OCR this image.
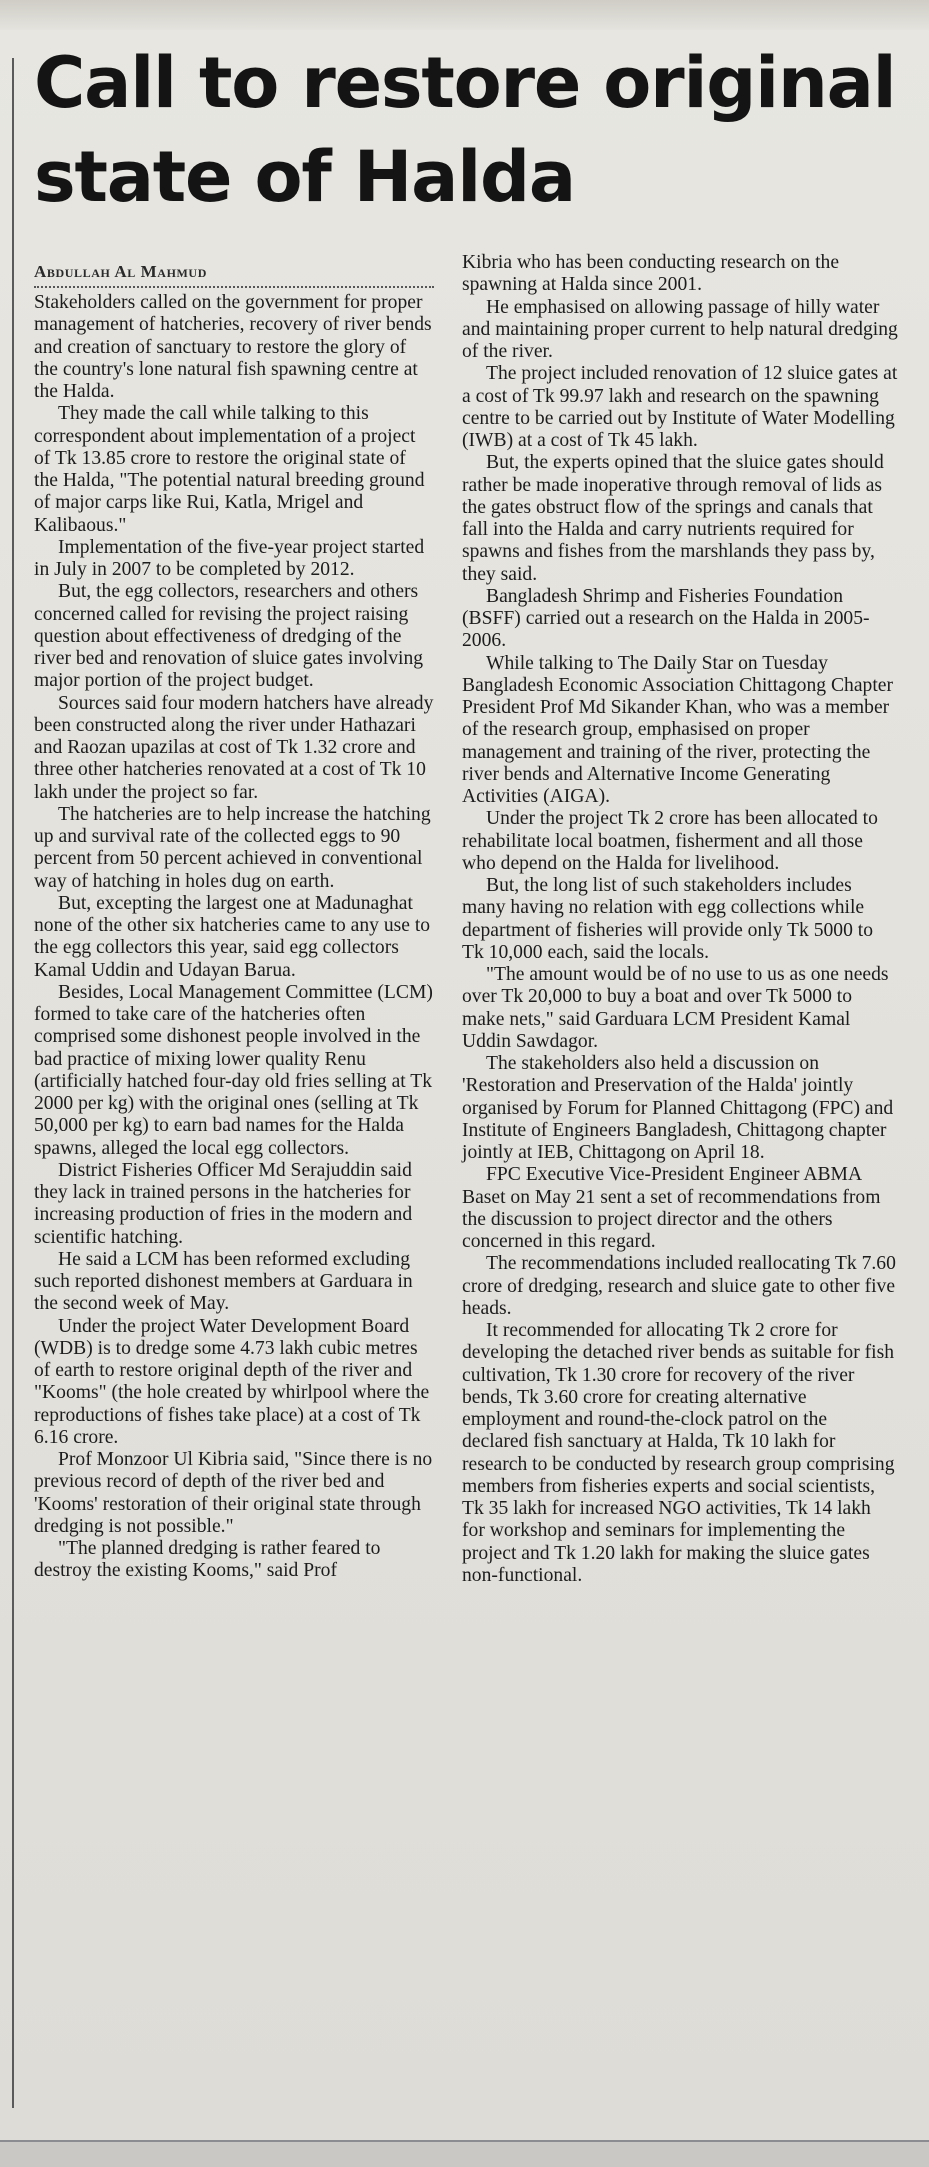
Call to restore original
state of Halda
Abdullah Al Mahmud

Stakeholders called on the government for proper management of hatcheries, recovery of river bends and creation of sanctuary to restore the glory of the country's lone natural fish spawning centre at the Halda.

They made the call while talking to this correspondent about implementation of a project of Tk 13.85 crore to restore the original state of the Halda, "The potential natural breeding ground of major carps like Rui, Katla, Mrigel and Kalibaous."

Implementation of the five-year project started in July in 2007 to be completed by 2012.

But, the egg collectors, researchers and others concerned called for revising the project raising question about effectiveness of dredging of the river bed and renovation of sluice gates involving major portion of the project budget.

Sources said four modern hatchers have already been constructed along the river under Hathazari and Raozan upazilas at cost of Tk 1.32 crore and three other hatcheries renovated at a cost of Tk 10 lakh under the project so far.

The hatcheries are to help increase the hatching up and survival rate of the collected eggs to 90 percent from 50 percent achieved in conventional way of hatching in holes dug on earth.

But, excepting the largest one at Madunaghat none of the other six hatcheries came to any use to the egg collectors this year, said egg collectors Kamal Uddin and Udayan Barua.

Besides, Local Management Committee (LCM) formed to take care of the hatcheries often comprised some dishonest people involved in the bad practice of mixing lower quality Renu (artificially hatched four-day old fries selling at Tk 2000 per kg) with the original ones (selling at Tk 50,000 per kg) to earn bad names for the Halda spawns, alleged the local egg collectors.

District Fisheries Officer Md Serajuddin said they lack in trained persons in the hatcheries for increasing production of fries in the modern and scientific hatching.

He said a LCM has been reformed excluding such reported dishonest members at Garduara in the second week of May.

Under the project Water Development Board (WDB) is to dredge some 4.73 lakh cubic metres of earth to restore original depth of the river and "Kooms" (the hole created by whirlpool where the reproductions of fishes take place) at a cost of Tk 6.16 crore.

Prof Monzoor Ul Kibria said, "Since there is no previous record of depth of the river bed and 'Kooms' restoration of their original state through dredging is not possible."

"The planned dredging is rather feared to destroy the existing Kooms," said Prof

Kibria who has been conducting research on the spawning at Halda since 2001.

He emphasised on allowing passage of hilly water and maintaining proper current to help natural dredging of the river.

The project included renovation of 12 sluice gates at a cost of Tk 99.97 lakh and research on the spawning centre to be carried out by Institute of Water Modelling (IWB) at a cost of Tk 45 lakh.

But, the experts opined that the sluice gates should rather be made inoperative through removal of lids as the gates obstruct flow of the springs and canals that fall into the Halda and carry nutrients required for spawns and fishes from the marshlands they pass by, they said.

Bangladesh Shrimp and Fisheries Foundation (BSFF) carried out a research on the Halda in 2005-2006.

While talking to The Daily Star on Tuesday Bangladesh Economic Association Chittagong Chapter President Prof Md Sikander Khan, who was a member of the research group, emphasised on proper management and training of the river, protecting the river bends and Alternative Income Generating Activities (AIGA).

Under the project Tk 2 crore has been allocated to rehabilitate local boatmen, fisherment and all those who depend on the Halda for livelihood.

But, the long list of such stakeholders includes many having no relation with egg collections while department of fisheries will provide only Tk 5000 to Tk 10,000 each, said the locals.

"The amount would be of no use to us as one needs over Tk 20,000 to buy a boat and over Tk 5000 to make nets," said Garduara LCM President Kamal Uddin Sawdagor.

The stakeholders also held a discussion on 'Restoration and Preservation of the Halda' jointly organised by Forum for Planned Chittagong (FPC) and Institute of Engineers Bangladesh, Chittagong chapter jointly at IEB, Chittagong on April 18.

FPC Executive Vice-President Engineer ABMA Baset on May 21 sent a set of recommendations from the discussion to project director and the others concerned in this regard.

The recommendations included reallocating Tk 7.60 crore of dredging, research and sluice gate to other five heads.

It recommended for allocating Tk 2 crore for developing the detached river bends as suitable for fish cultivation, Tk 1.30 crore for recovery of the river bends, Tk 3.60 crore for creating alternative employment and round-the-clock patrol on the declared fish sanctuary at Halda, Tk 10 lakh for research to be conducted by research group comprising members from fisheries experts and social scientists, Tk 35 lakh for increased NGO activities, Tk 14 lakh for workshop and seminars for implementing the project and Tk 1.20 lakh for making the sluice gates non-functional.
